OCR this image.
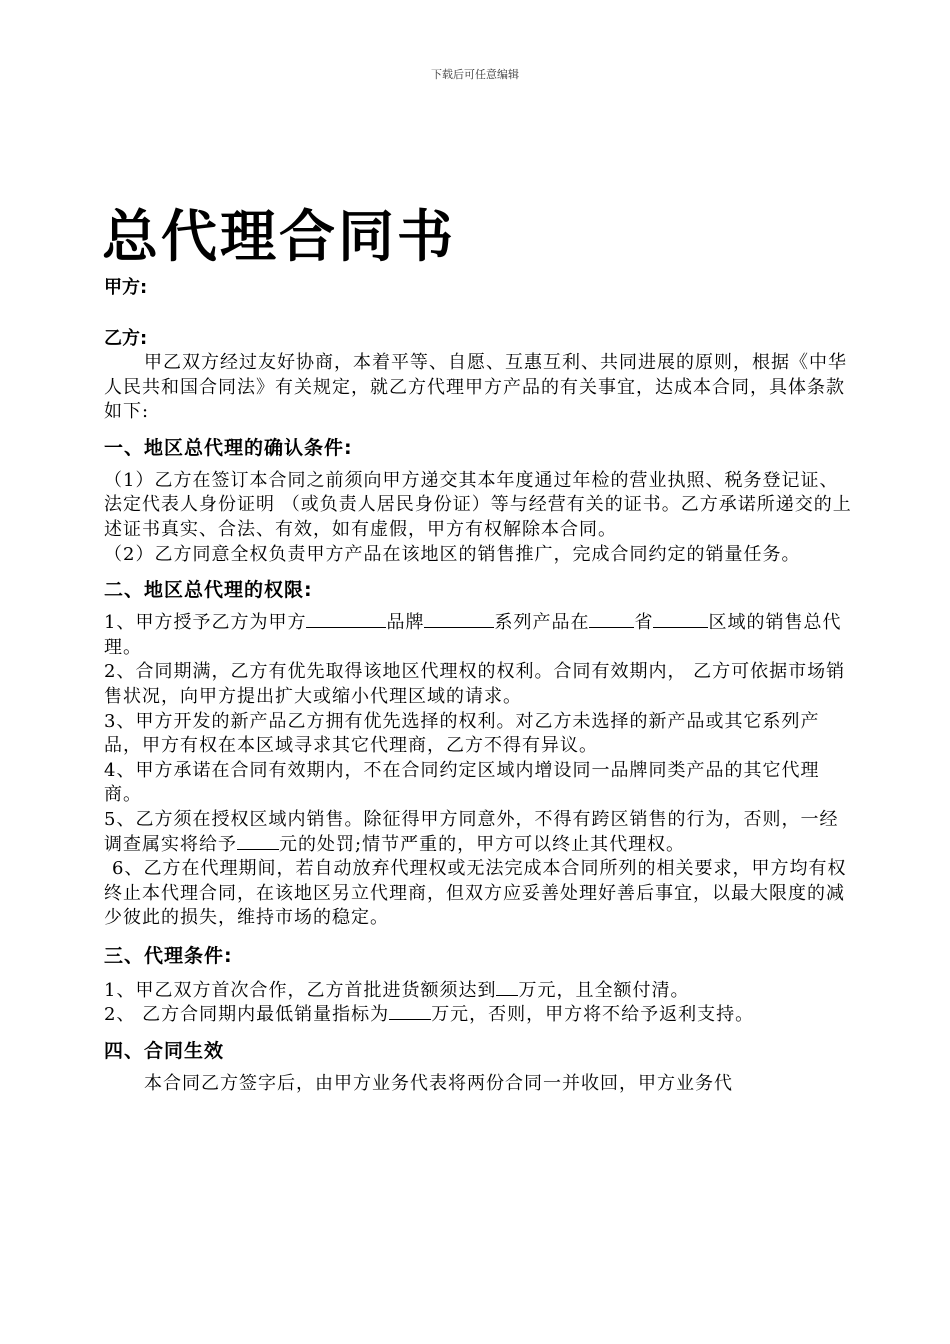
下载后可任意编辑
总代理合同书

甲方:

乙方:

甲乙双方经过友好协商，本着平等、自愿、互惠互利、共同进展的原则，根据《中华人民共和国合同法》有关规定，就乙方代理甲方产品的有关事宜，达成本合同，具体条款如下:

一、地区总代理的确认条件:

（1）乙方在签订本合同之前须向甲方递交其本年度通过年检的营业执照、税务登记证、法定代表人身份证明 （或负责人居民身份证）等与经营有关的证书。乙方承诺所递交的上述证书真实、合法、有效，如有虚假，甲方有权解除本合同。

（2）乙方同意全权负责甲方产品在该地区的销售推广，完成合同约定的销量任务。

二、地区总代理的权限:

1、甲方授予乙方为甲方	品牌	系列产品在	省	区域的销售总代理。

2、合同期满，乙方有优先取得该地区代理权的权利。合同有效期内， 乙方可依据市场销售状况，向甲方提出扩大或缩小代理区域的请求。

3、甲方开发的新产品乙方拥有优先选择的权利。对乙方未选择的新产品或其它系列产品，甲方有权在本区域寻求其它代理商，乙方不得有异议。

4、甲方承诺在合同有效期内，不在合同约定区域内增设同一品牌同类产品的其它代理商。

5、乙方须在授权区域内销售。除征得甲方同意外，不得有跨区销售的行为，否则，一经调查属实将给予 元的处罚;情节严重的，甲方可以终止其代理权。

6、乙方在代理期间，若自动放弃代理权或无法完成本合同所列的相关要求，甲方均有权终止本代理合同，在该地区另立代理商，但双方应妥善处理好善后事宜，以最大限度的减少彼此的损失，维持市场的稳定。

三、代理条件:

1、甲乙双方首次合作，乙方首批进货额须达到 万元，且全额付清。

2、 乙方合同期内最低销量指标为 万元，否则，甲方将不给予返利支持。

四、合同生效

本合同乙方签字后，由甲方业务代表将两份合同一并收回，甲方业务代
